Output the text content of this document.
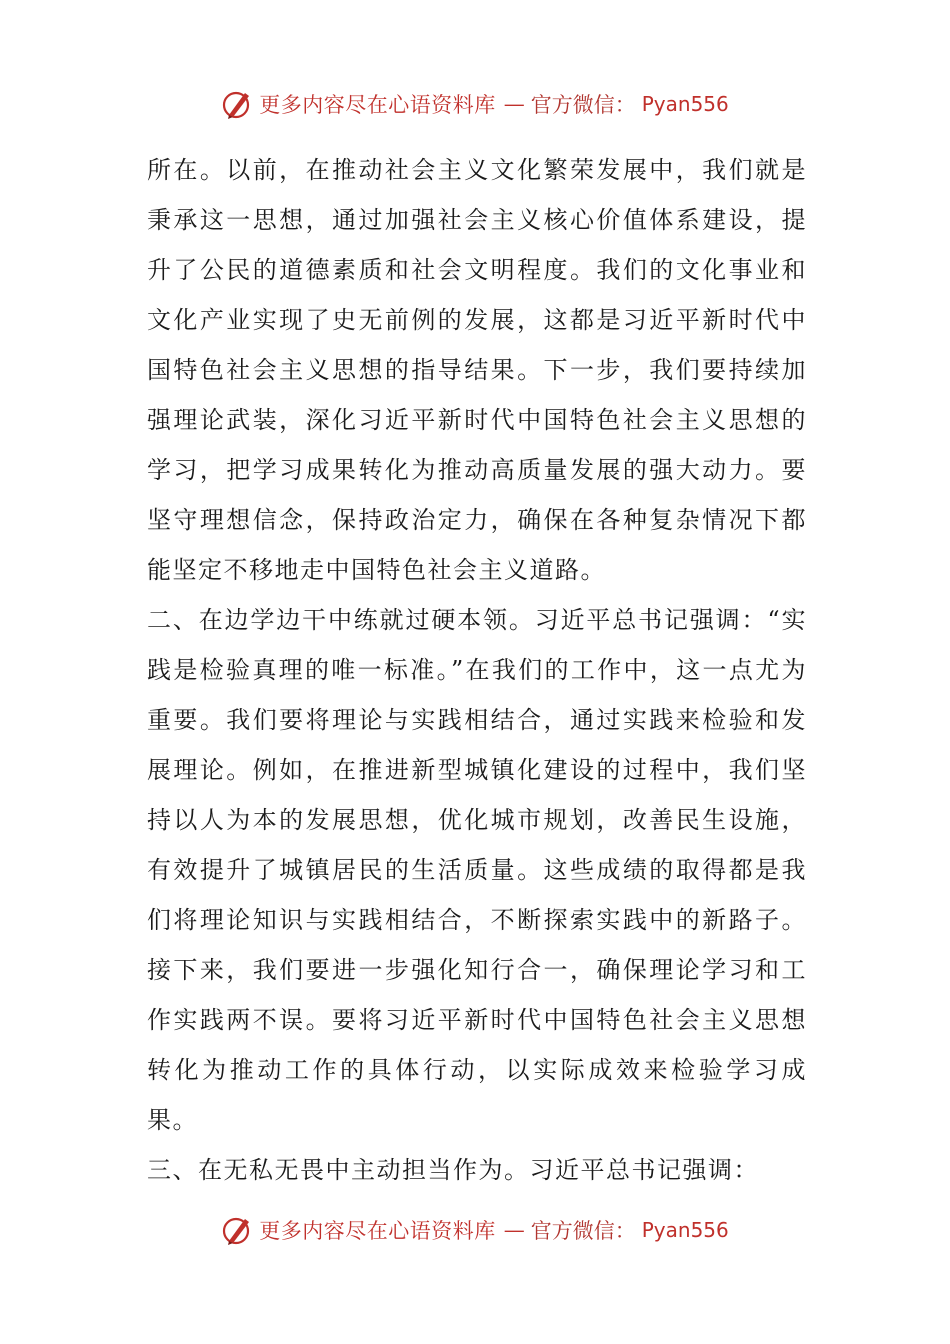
更多内容尽在心语资料库 — 官方微信： Pyan556

所在。以前，在推动社会主义文化繁荣发展中，我们就是秉承这一思想，通过加强社会主义核心价值体系建设，提升了公民的道德素质和社会文明程度。我们的文化事业和文化产业实现了史无前例的发展，这都是习近平新时代中国特色社会主义思想的指导结果。下一步，我们要持续加强理论武装，深化习近平新时代中国特色社会主义思想的学习，把学习成果转化为推动高质量发展的强大动力。要坚守理想信念，保持政治定力，确保在各种复杂情况下都能坚定不移地走中国特色社会主义道路。

二、在边学边干中练就过硬本领。习近平总书记强调：“实践是检验真理的唯一标准。”在我们的工作中，这一点尤为重要。我们要将理论与实践相结合，通过实践来检验和发展理论。例如，在推进新型城镇化建设的过程中，我们坚持以人为本的发展思想，优化城市规划，改善民生设施，有效提升了城镇居民的生活质量。这些成绩的取得都是我们将理论知识与实践相结合，不断探索实践中的新路子。接下来，我们要进一步强化知行合一，确保理论学习和工作实践两不误。要将习近平新时代中国特色社会主义思想转化为推动工作的具体行动，以实际成效来检验学习成果。

三、在无私无畏中主动担当作为。习近平总书记强调：

更多内容尽在心语资料库 — 官方微信： Pyan556
